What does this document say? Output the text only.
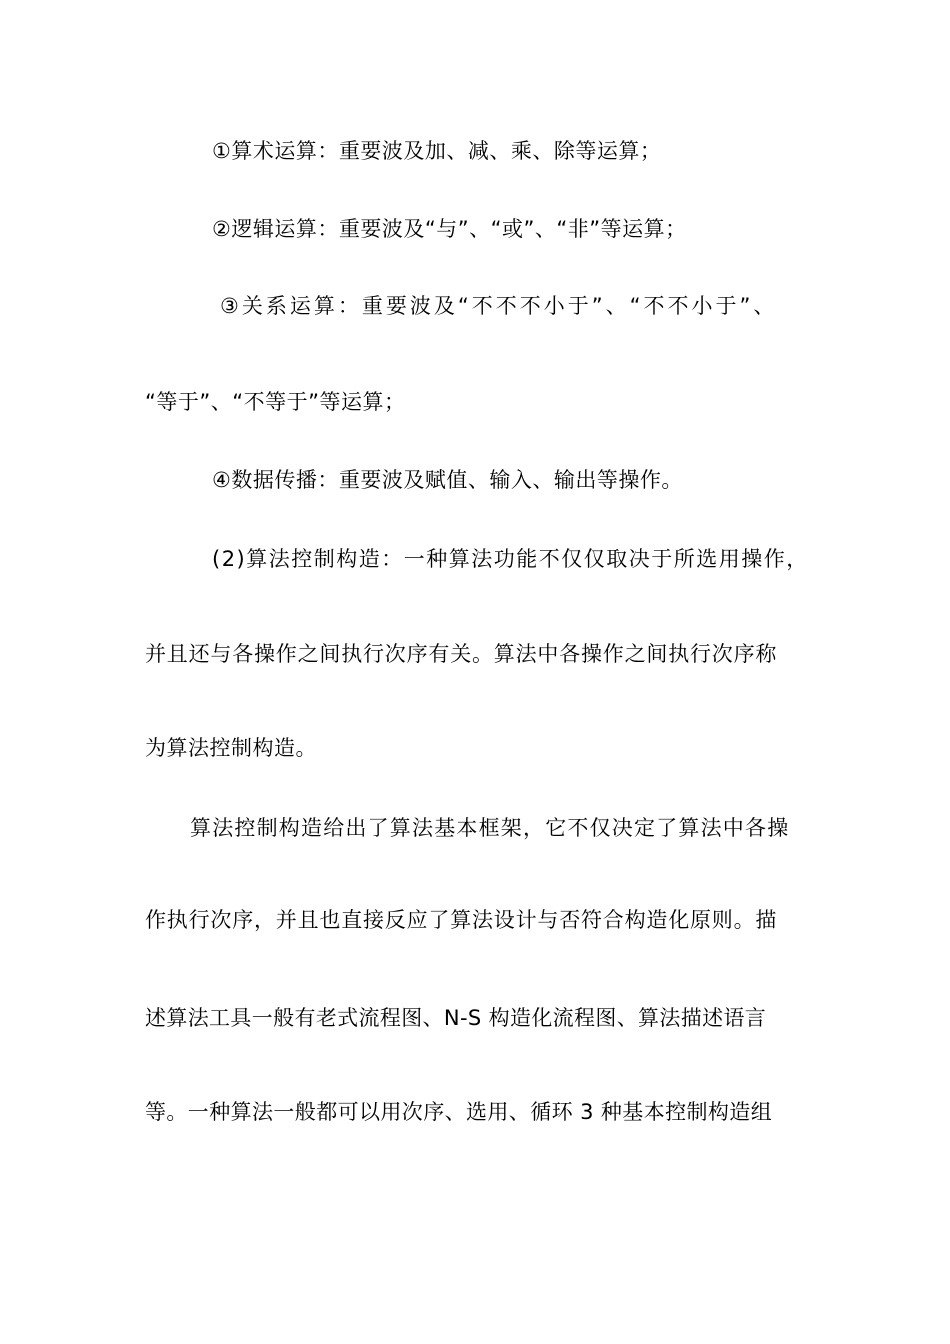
①算术运算：重要波及加、减、乘、除等运算；
②逻辑运算：重要波及“与”、“或”、“非”等运算；
③关系运算：重要波及“不不不小于”、“不不小于”、
“等于”、“不等于”等运算；
④数据传播：重要波及赋值、输入、输出等操作。
(2)算法控制构造：一种算法功能不仅仅取决于所选用操作，
并且还与各操作之间执行次序有关。算法中各操作之间执行次序称
为算法控制构造。
算法控制构造给出了算法基本框架，它不仅决定了算法中各操
作执行次序，并且也直接反应了算法设计与否符合构造化原则。描
述算法工具一般有老式流程图、N-S 构造化流程图、算法描述语言
等。一种算法一般都可以用次序、选用、循环 3 种基本控制构造组
